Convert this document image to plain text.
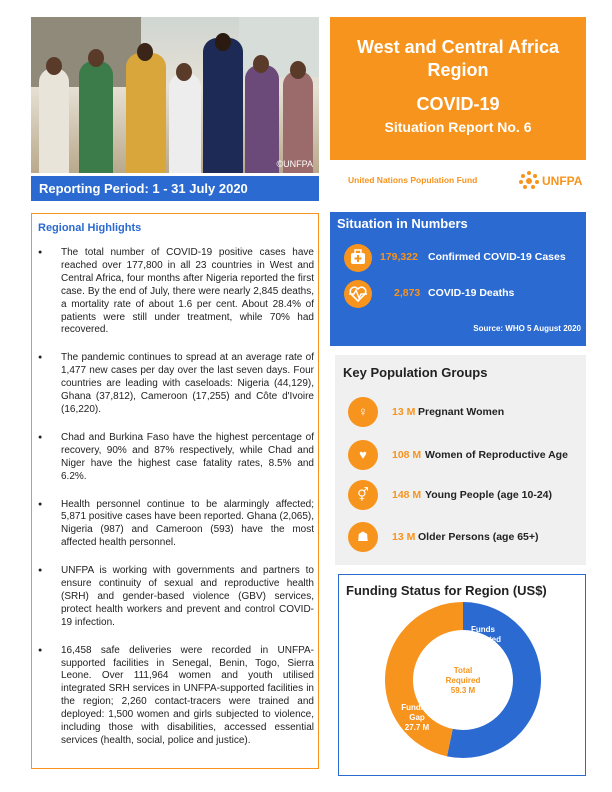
©UNFPA
Reporting Period: 1 - 31 July 2020
West and Central Africa
Region
COVID-19
Situation Report No. 6
United Nations Population Fund	UNFPA
Regional Highlights
● The total number of COVID-19 positive cases have reached over 177,800 in all 23 countries in West and Central Africa, four months after Nigeria reported the first case. By the end of July, there were nearly 2,845 deaths, a mortality rate of about 1.6 per cent. About 28.4% of patients were still under treatment, while 70% had recovered.
● The pandemic continues to spread at an average rate of 1,477 new cases per day over the last seven days. Four countries are leading with caseloads: Nigeria (44,129), Ghana (37,812), Cameroon (17,255) and Côte d'Ivoire (16,220).
● Chad and Burkina Faso have the highest percentage of recovery, 90% and 87% respectively, while Chad and Niger have the highest case fatality rates, 8.5% and 6.2%.
● Health personnel continue to be alarmingly affected; 5,871 positive cases have been reported. Ghana (2,065), Nigeria (987) and Cameroon (593) have the most affected health personnel.
● UNFPA is working with governments and partners to ensure continuity of sexual and reproductive health (SRH) and gender-based violence (GBV) services, protect health workers and prevent and control COVID-19 infection.
● 16,458 safe deliveries were recorded in UNFPA-supported facilities in Senegal, Benin, Togo, Sierra Leone. Over 111,964 women and youth utilised integrated SRH services in UNFPA-supported facilities in the region; 2,260 contact-tracers were trained and deployed: 1,500 women and girls subjected to violence, including those with disabilities, accessed essential services (health, social, police and justice).
Situation in Numbers
179,322 Confirmed COVID-19 Cases
2,873 COVID-19 Deaths
Source: WHO 5 August 2020
Key Population Groups
♀	13 M Pregnant Women
♥	108 M Women of Reproductive Age
⚥	148 M Young People (age 10-24)
☗	13 M Older Persons (age 65+)
Funding Status for Region (US$)
Funds
Allocated
31.6 M
Funding
Gap
27.7 M
Total
Required
59.3 M
